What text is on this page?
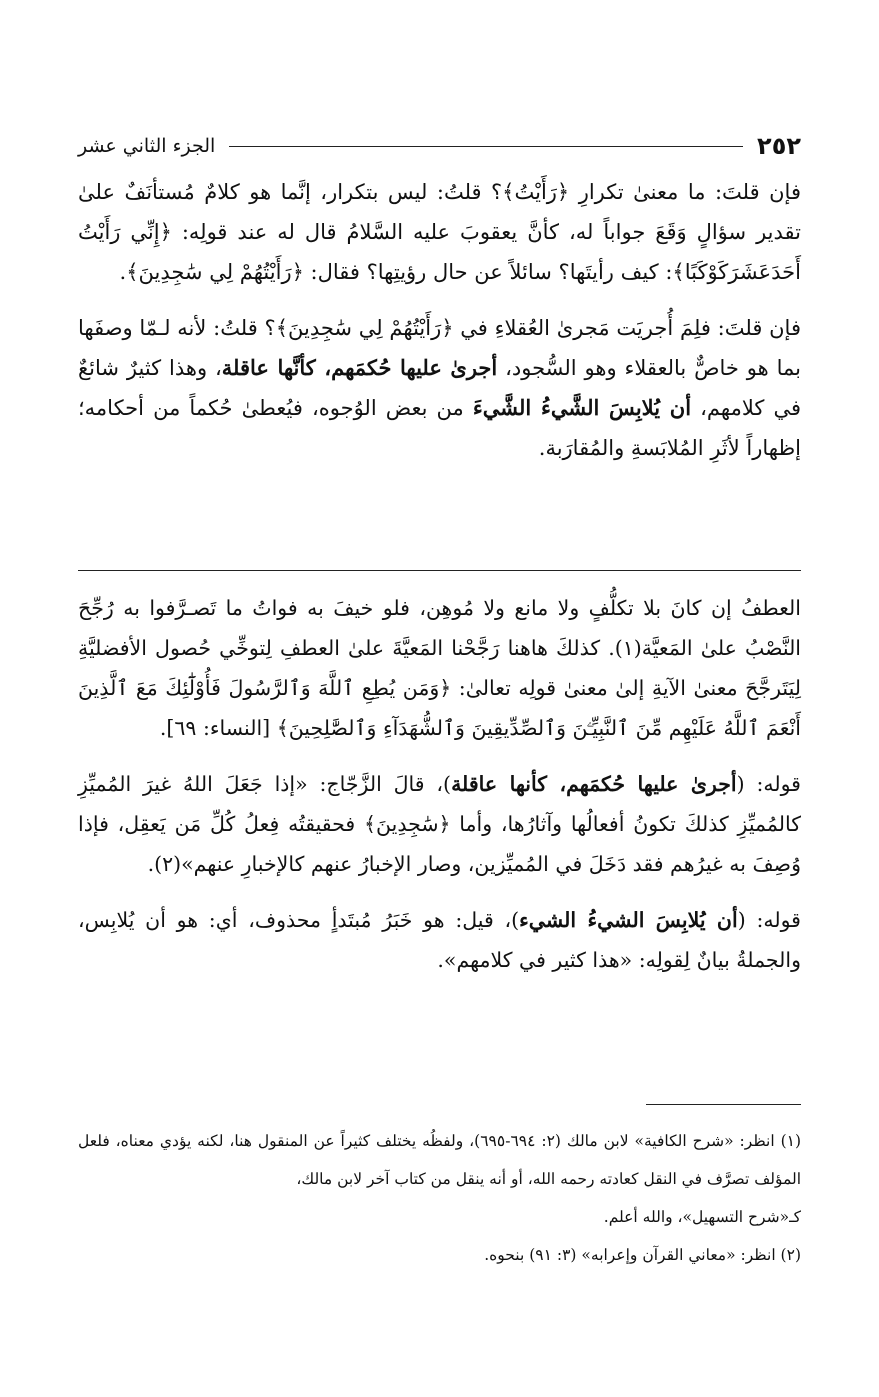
٢٥٢
الجزء الثاني عشر

فإن قلتَ: ما معنىٰ تكرارِ ﴿رَأَيْتُ﴾؟ قلتُ: ليس بتكرار، إنَّما هو كلامٌ مُستأنَفٌ علىٰ تقدير سؤالٍ وَقَعَ جواباً له، كأنَّ يعقوبَ عليه السَّلامُ قال له عند قولِه: ﴿إِنِّي رَأَيْتُ أَحَدَعَشَرَكَوْكَبًا﴾: كيف رأيتَها؟ سائلاً عن حال رؤيتِها؟ فقال: ﴿رَأَيْتُهُمْ لِي سَٰجِدِينَ﴾.

فإن قلتَ: فلِمَ أُجريَت مَجرىٰ العُقلاءِ في ﴿رَأَيْتُهُمْ لِي سَٰجِدِينَ﴾؟ قلتُ: لأنه لـمّا وصفَها بما هو خاصٌّ بالعقلاء وهو السُّجود، أجرىٰ عليها حُكمَهم، كأنَّها عاقلة، وهذا كثيرٌ شائعٌ في كلامهم، أن يُلابِسَ الشَّيءُ الشَّيءَ من بعض الوُجوه، فيُعطىٰ حُكماً من أحكامه؛ إظهاراً لأثَرِ المُلابَسةِ والمُقارَبة.

العطفُ إن كانَ بلا تكلُّفٍ ولا مانع ولا مُوهِن، فلو خيفَ به فواتُ ما تَصـرَّفوا به رُجِّحَ النَّصْبُ علىٰ المَعيَّة(١). كذلكَ هاهنا رَجَّحْنا المَعيَّةَ علىٰ العطفِ لِتوخِّي حُصول الأفضليَّةِ لِيَتَرجَّحَ معنىٰ الآيةِ إلىٰ معنىٰ قولِه تعالىٰ: ﴿وَمَن يُطِعِ ٱللَّهَ وَٱلرَّسُولَ فَأُوْلَٰٓئِكَ مَعَ ٱلَّذِينَ أَنْعَمَ ٱللَّهُ عَلَيْهِم مِّنَ ٱلنَّبِيِّـۧنَ وَٱلصِّدِّيقِينَ وَٱلشُّهَدَآءِ وَٱلصَّٰلِحِينَ﴾ [النساء: ٦٩].

قوله: (أجرىٰ عليها حُكمَهم، كأنها عاقلة)، قالَ الزَّجّاج: «إذا جَعَلَ اللهُ غيرَ المُميِّزِ كالمُميِّزِ كذلكَ تكونُ أفعالُها وآثارُها، وأما ﴿سَٰجِدِينَ﴾ فحقيقتُه فِعلُ كُلِّ مَن يَعقِل، فإذا وُصِفَ به غيرُهم فقد دَخَلَ في المُميِّزين، وصار الإخبارُ عنهم كالإخبارِ عنهم»(٢).

قوله: (أن يُلابِسَ الشيءُ الشيء)، قيل: هو خَبَرُ مُبتَدأٍ محذوف، أي: هو أن يُلابِس، والجملةُ بيانٌ لِقولِه: «هذا كثير في كلامهم».

(١) انظر: «شرح الكافية» لابن مالك (٢: ٦٩٤-٦٩٥)، ولفظُه يختلف كثيراً عن المنقول هنا، لكنه يؤدي معناه، فلعل المؤلف تصرَّف في النقل كعادته رحمه الله، أو أنه ينقل من كتاب آخر لابن مالك،

كـ«شرح التسهيل»، والله أعلم.

(٢) انظر: «معاني القرآن وإعرابه» (٣: ٩١) بنحوه.
